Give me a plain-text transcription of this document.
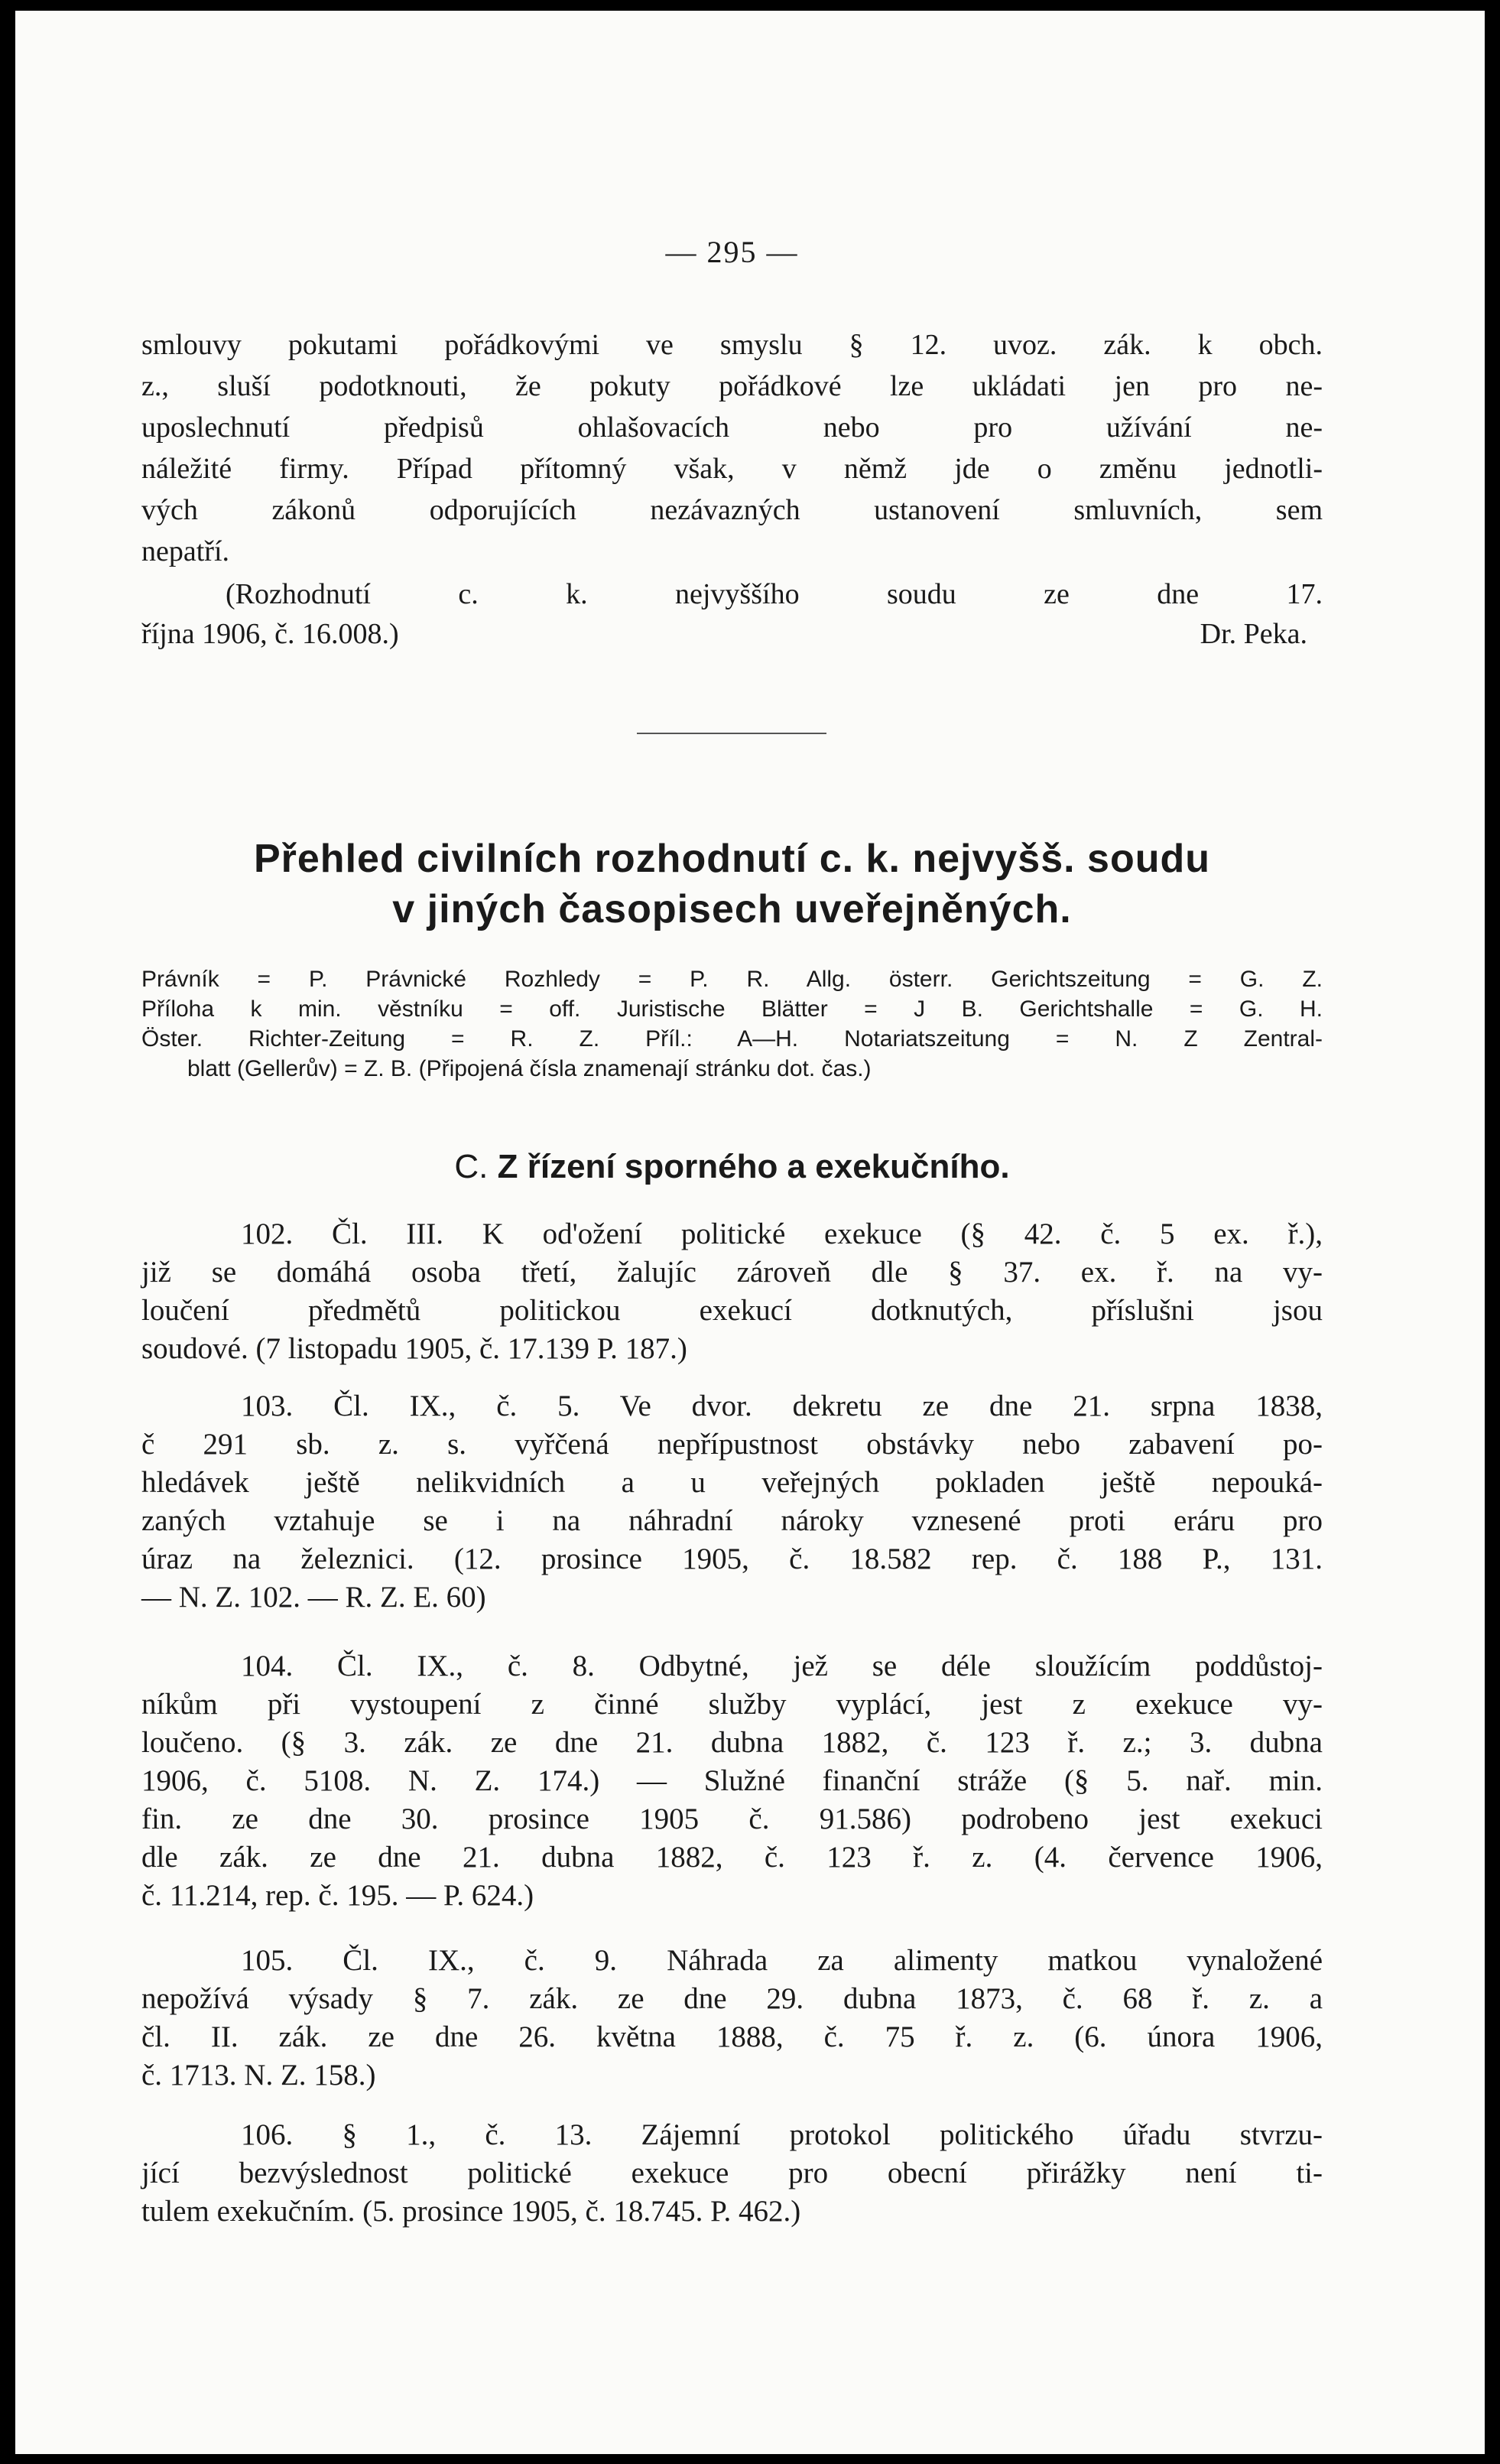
— 295 —
smlouvy pokutami pořádkovými ve smyslu § 12. uvoz. zák. k obch.
z., sluší podotknouti, že pokuty pořádkové lze ukládati jen pro ne-
uposlechnutí předpisů ohlašovacích nebo pro užívání ne-
náležité firmy. Případ přítomný však, v němž jde o změnu jednotli-
vých zákonů odporujících nezávazných ustanovení smluvních, sem
nepatří.
(Rozhodnutí c. k. nejvyššího soudu ze dne 17.
října 1906, č. 16.008.)	Dr. Peka.
Přehled civilních rozhodnutí c. k. nejvyšš. soudu
v jiných časopisech uveřejněných.
Právník = P. Právnické Rozhledy = P. R. Allg. österr. Gerichtszeitung = G. Z.
Příloha k min. věstníku = off. Juristische Blätter = J B. Gerichtshalle = G. H.
Öster. Richter-Zeitung = R. Z. Příl.: A—H. Notariatszeitung = N. Z Zentral-
blatt (Gellerův) = Z. B. (Připojená čísla znamenají stránku dot. čas.)
C. Z řízení sporného a exekučního.
102. Čl. III. K od'ožení politické exekuce (§ 42. č. 5 ex. ř.),
již se domáhá osoba třetí, žalujíc zároveň dle § 37. ex. ř. na vy-
loučení předmětů politickou exekucí dotknutých, příslušni jsou
soudové. (7 listopadu 1905, č. 17.139 P. 187.)
103. Čl. IX., č. 5. Ve dvor. dekretu ze dne 21. srpna 1838,
č 291 sb. z. s. vyřčená nepřípustnost obstávky nebo zabavení po-
hledávek ještě nelikvidních a u veřejných pokladen ještě nepouká-
zaných vztahuje se i na náhradní nároky vznesené proti eráru pro
úraz na železnici. (12. prosince 1905, č. 18.582 rep. č. 188 P., 131.
— N. Z. 102. — R. Z. E. 60)
104. Čl. IX., č. 8. Odbytné, jež se déle sloužícím poddůstoj-
níkům při vystoupení z činné služby vyplácí, jest z exekuce vy-
loučeno. (§ 3. zák. ze dne 21. dubna 1882, č. 123 ř. z.; 3. dubna
1906, č. 5108. N. Z. 174.) — Služné finanční stráže (§ 5. nař. min.
fin. ze dne 30. prosince 1905 č. 91.586) podrobeno jest exekuci
dle zák. ze dne 21. dubna 1882, č. 123 ř. z. (4. července 1906,
č. 11.214, rep. č. 195. — P. 624.)
105. Čl. IX., č. 9. Náhrada za alimenty matkou vynaložené
nepožívá výsady § 7. zák. ze dne 29. dubna 1873, č. 68 ř. z. a
čl. II. zák. ze dne 26. května 1888, č. 75 ř. z. (6. února 1906,
č. 1713. N. Z. 158.)
106. § 1., č. 13. Zájemní protokol politického úřadu stvrzu-
jící bezvýslednost politické exekuce pro obecní přirážky není ti-
tulem exekučním. (5. prosince 1905, č. 18.745. P. 462.)
